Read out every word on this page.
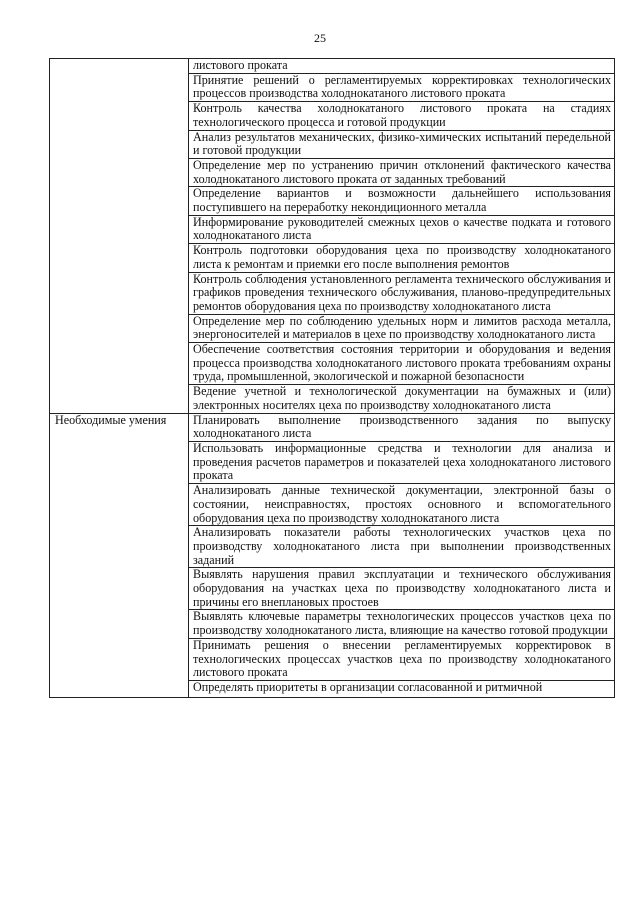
25
	листового проката
	Принятие решений о регламентируемых корректировках технологических процессов производства холоднокатаного листового проката
	Контроль качества холоднокатаного листового проката на стадиях технологического процесса и готовой продукции
	Анализ результатов механических, физико-химических испытаний передельной и готовой продукции
	Определение мер по устранению причин отклонений фактического качества холоднокатаного листового проката от заданных требований
	Определение вариантов и возможности дальнейшего использования поступившего на переработку некондиционного металла
	Информирование руководителей смежных цехов о качестве подката и готового холоднокатаного листа
	Контроль подготовки оборудования цеха по производству холоднокатаного листа к ремонтам и приемки его после выполнения ремонтов
	Контроль соблюдения установленного регламента технического обслуживания и графиков проведения технического обслуживания, планово-предупредительных ремонтов оборудования цеха по производству холоднокатаного листа
	Определение мер по соблюдению удельных норм и лимитов расхода металла, энергоносителей и материалов в цехе по производству холоднокатаного листа
	Обеспечение соответствия состояния территории и оборудования и ведения процесса производства холоднокатаного листового проката требованиям охраны труда, промышленной, экологической и пожарной безопасности
	Ведение учетной и технологической документации на бумажных и (или) электронных носителях цеха по производству холоднокатаного листа
Необходимые умения	Планировать выполнение производственного задания по выпуску холоднокатаного листа
	Использовать информационные средства и технологии для анализа и проведения расчетов параметров и показателей цеха холоднокатаного листового проката
	Анализировать данные технической документации, электронной базы о состоянии, неисправностях, простоях основного и вспомогательного оборудования цеха по производству холоднокатаного листа
	Анализировать показатели работы технологических участков цеха по производству холоднокатаного листа при выполнении производственных заданий
	Выявлять нарушения правил эксплуатации и технического обслуживания оборудования на участках цеха по производству холоднокатаного листа и причины его внеплановых простоев
	Выявлять ключевые параметры технологических процессов участков цеха по производству холоднокатаного листа, влияющие на качество готовой продукции
	Принимать решения о внесении регламентируемых корректировок в технологических процессах участков цеха по производству холоднокатаного листового проката
	Определять приоритеты в организации согласованной и ритмичной
